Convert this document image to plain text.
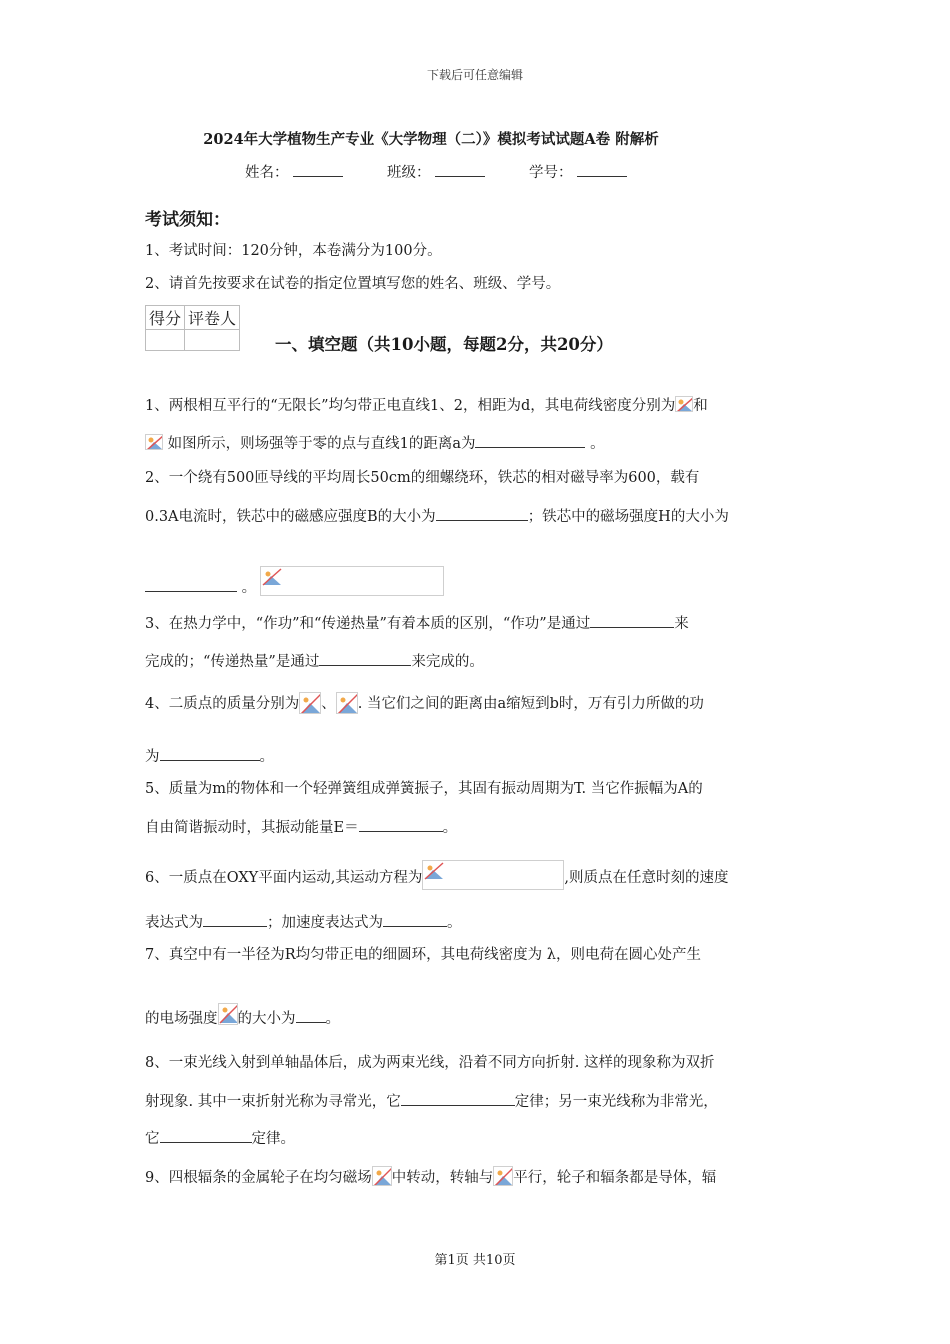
下载后可任意编辑
2024年大学植物生产专业《大学物理（二）》模拟考试试题A卷 附解析
姓名：	班级：	学号：
考试须知：
1、考试时间：120分钟，本卷满分为100分。
2、请首先按要求在试卷的指定位置填写您的姓名、班级、学号。
得分	评卷人

一、填空题（共10小题，每题2分，共20分）
1、两根相互平行的“无限长”均匀带正电直线1、2，相距为d，其电荷线密度分别为 和
如图所示，则场强等于零的点与直线1的距离a为	。
2、一个绕有500匝导线的平均周长50cm的细螺绕环，铁芯的相对磁导率为600，载有
0.3A电流时，铁芯中的磁感应强度B的大小为	；铁芯中的磁场强度H的大小为
。
3、在热力学中，“作功”和“传递热量”有着本质的区别，“作功”是通过	来
完成的；“传递热量”是通过	来完成的。
4、二质点的质量分别为 、 . 当它们之间的距离由a缩短到b时，万有引力所做的功
为	。
5、质量为m的物体和一个轻弹簧组成弹簧振子，其固有振动周期为T. 当它作振幅为A的
自由简谐振动时，其振动能量E＝	。
6、一质点在OXY平面内运动,其运动方程为	,则质点在任意时刻的速度
表达式为	；加速度表达式为	。
7、真空中有一半径为R均匀带正电的细圆环，其电荷线密度为 λ，则电荷在圆心处产生
的电场强度 的大小为 。
8、一束光线入射到单轴晶体后，成为两束光线，沿着不同方向折射. 这样的现象称为双折
射现象. 其中一束折射光称为寻常光，它	定律；另一束光线称为非常光，
它	定律。
9、四根辐条的金属轮子在均匀磁场 中转动，转轴与 平行，轮子和辐条都是导体，辐
第1页 共10页
